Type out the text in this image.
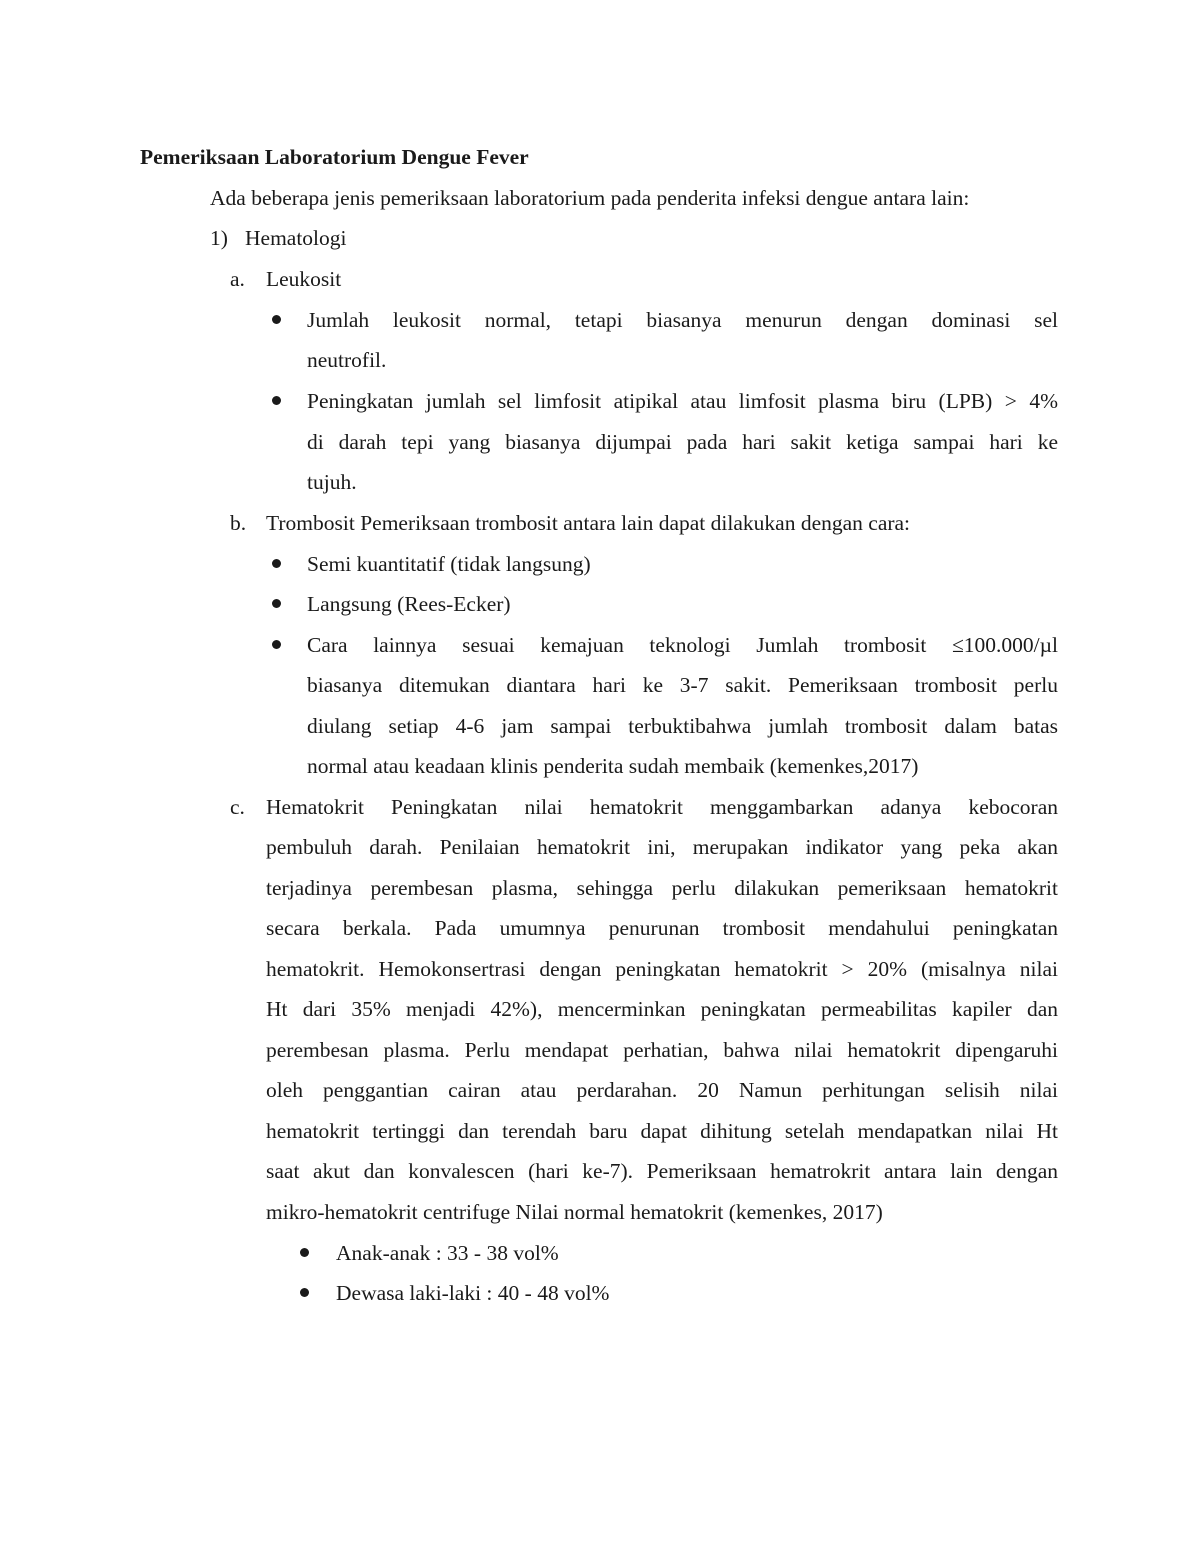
Pemeriksaan Laboratorium Dengue Fever
Ada beberapa jenis pemeriksaan laboratorium pada penderita infeksi dengue antara lain:
1) Hematologi
a. Leukosit
Jumlah leukosit normal, tetapi biasanya menurun dengan dominasi sel
neutrofil.
Peningkatan jumlah sel limfosit atipikal atau limfosit plasma biru (LPB) > 4%
di darah tepi yang biasanya dijumpai pada hari sakit ketiga sampai hari ke
tujuh.
b. Trombosit Pemeriksaan trombosit antara lain dapat dilakukan dengan cara:
Semi kuantitatif (tidak langsung)
Langsung (Rees-Ecker)
Cara lainnya sesuai kemajuan teknologi Jumlah trombosit ≤100.000/µl
biasanya ditemukan diantara hari ke 3-7 sakit. Pemeriksaan trombosit perlu
diulang setiap 4-6 jam sampai terbuktibahwa jumlah trombosit dalam batas
normal atau keadaan klinis penderita sudah membaik (kemenkes,2017)
c. Hematokrit Peningkatan nilai hematokrit menggambarkan adanya kebocoran
pembuluh darah. Penilaian hematokrit ini, merupakan indikator yang peka akan
terjadinya perembesan plasma, sehingga perlu dilakukan pemeriksaan hematokrit
secara berkala. Pada umumnya penurunan trombosit mendahului peningkatan
hematokrit. Hemokonsertrasi dengan peningkatan hematokrit > 20% (misalnya nilai
Ht dari 35% menjadi 42%), mencerminkan peningkatan permeabilitas kapiler dan
perembesan plasma. Perlu mendapat perhatian, bahwa nilai hematokrit dipengaruhi
oleh penggantian cairan atau perdarahan. 20 Namun perhitungan selisih nilai
hematokrit tertinggi dan terendah baru dapat dihitung setelah mendapatkan nilai Ht
saat akut dan konvalescen (hari ke-7). Pemeriksaan hematrokrit antara lain dengan
mikro-hematokrit centrifuge Nilai normal hematokrit (kemenkes, 2017)
Anak-anak : 33 - 38 vol%
Dewasa laki-laki : 40 - 48 vol%
